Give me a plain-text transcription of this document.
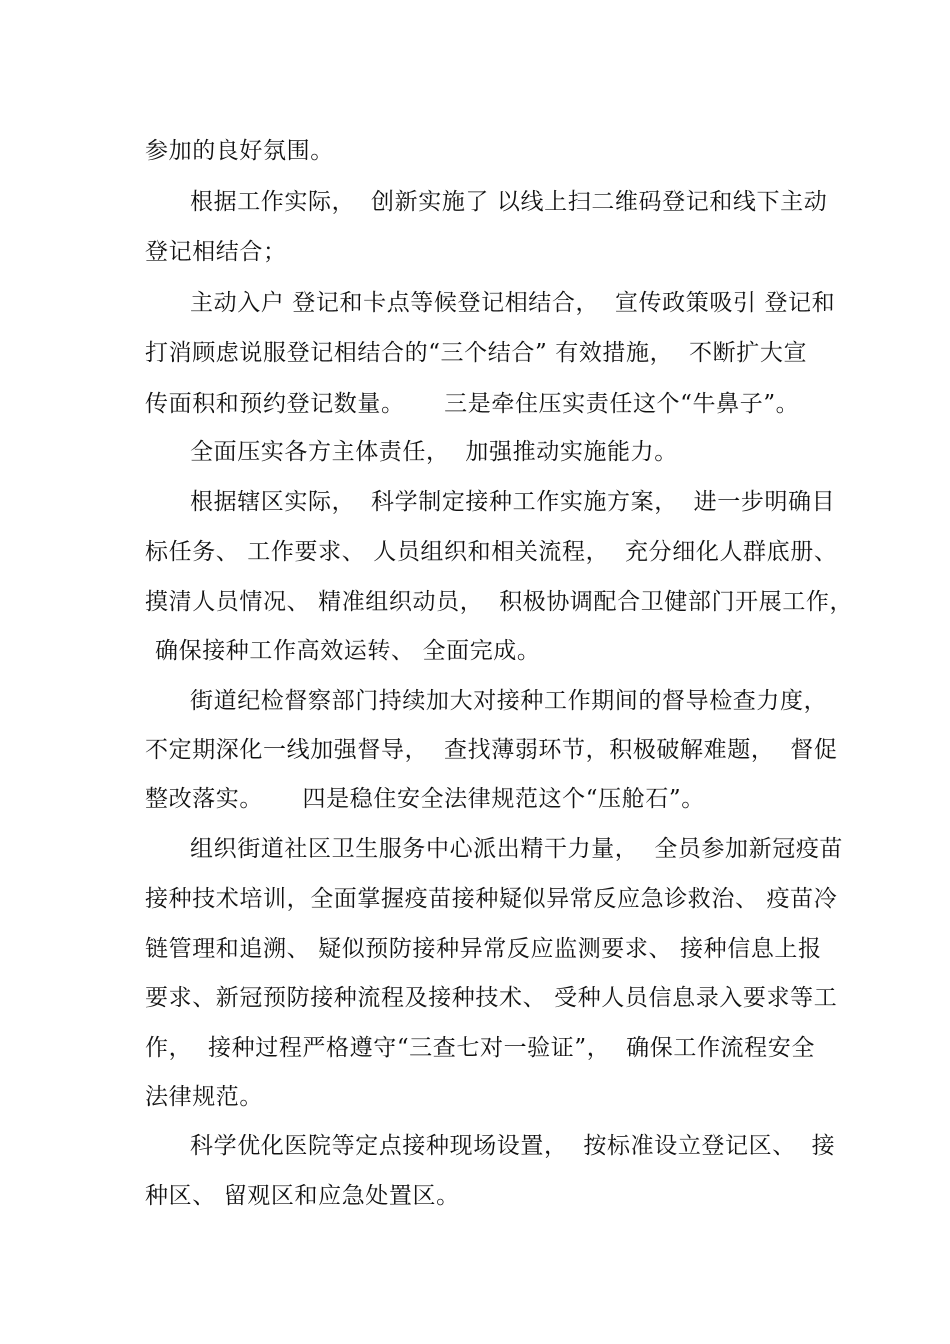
参加的良好氛围。

根据工作实际，  创新实施了 以线上扫二维码登记和线下主动

登记相结合；

主动入户 登记和卡点等候登记相结合，  宣传政策吸引 登记和

打消顾虑说服登记相结合的“三个结合” 有效措施，  不断扩大宣

传面积和预约登记数量。     三是牵住压实责任这个“牛鼻子”。

全面压实各方主体责任，  加强推动实施能力。

根据辖区实际，  科学制定接种工作实施方案，  进一步明确目

标任务、 工作要求、 人员组织和相关流程，  充分细化人群底册、

摸清人员情况、 精准组织动员，  积极协调配合卫健部门开展工作，

确保接种工作高效运转、 全面完成。

街道纪检督察部门持续加大对接种工作期间的督导检查力度，

不定期深化一线加强督导，  查找薄弱环节，积极破解难题，  督促

整改落实。     四是稳住安全法律规范这个“压舱石”。

组织街道社区卫生服务中心派出精干力量，  全员参加新冠疫苗

接种技术培训，全面掌握疫苗接种疑似异常反应急诊救治、 疫苗冷

链管理和追溯、 疑似预防接种异常反应监测要求、 接种信息上报

要求、新冠预防接种流程及接种技术、 受种人员信息录入要求等工

作，  接种过程严格遵守“三查七对一验证”，  确保工作流程安全

法律规范。

科学优化医院等定点接种现场设置，  按标准设立登记区、  接

种区、 留观区和应急处置区。
